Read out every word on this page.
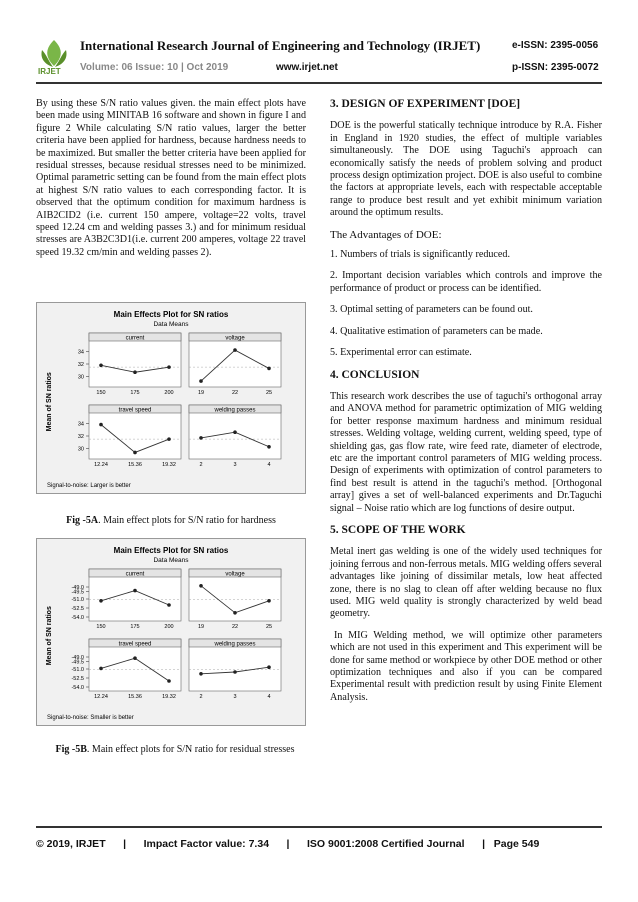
IRJET
International Research Journal of Engineering and Technology (IRJET)	e-ISSN: 2395-0056
Volume: 06 Issue: 10 | Oct 2019	www.irjet.net	p-ISSN: 2395-0072

By using these S/N ratio values given. the main effect plots have been made using MINITAB 16 software and shown in figure I and figure 2 While calculating S/N ratio values, larger the better criteria have been applied for hardness, because hardness needs to be maximized. But smaller the better criteria have been applied for residual stresses, because residual stresses need to be minimized. Optimal parametric setting can be found from the main effect plots at highest S/N ratio values to each corresponding factor. It is observed that the optimum condition for maximum hardness is AIB2CID2 (i.e. current 150 ampere, voltage=22 volts, travel speed 12.24 cm and welding passes 3.) and for minimum residual stresses are A3B2C3D1(i.e. current 200 amperes, voltage 22 travel speed 19.32 cm/min and welding passes 2).

Main Effects Plot for SN ratios
Data Means
Mean of SN ratios
Signal-to-noise: Larger is better
current
34
32
30
150	175	200
voltage
19	22	25
travel speed
34
32
30
12.24	15.36	19.32
welding passes
2	3	4
Fig -5A. Main effect plots for S/N ratio for hardness
Main Effects Plot for SN ratios
Data Means
Mean of SN ratios
Signal-to-noise: Smaller is better
current
-49.0
-49.5
-51.0
-52.5
-54.0
150	175	200
voltage
19	22	25
travel speed
-49.0
-49.5
-51.0
-52.5
-54.0
12.24	15.36	19.32
welding passes
2	3	4
Fig -5B. Main effect plots for S/N ratio for residual stresses
3. DESIGN OF EXPERIMENT [DOE]

DOE is the powerful statically technique introduce by R.A. Fisher in England in 1920 studies, the effect of multiple variables simultaneously. The DOE using Taguchi's approach can economically satisfy the needs of problem solving and product process design optimization project. DOE is also useful to combine the factors at appropriate levels, each with respectable acceptable range to produce best result and yet exhibit minimum variation around the optimum results.

The Advantages of DOE:

1. Numbers of trials is significantly reduced.

2. Important decision variables which controls and improve the performance of product or process can be identified.

3. Optimal setting of parameters can be found out.

4. Qualitative estimation of parameters can be made.

5. Experimental error can estimate.

4. CONCLUSION

This research work describes the use of taguchi's orthogonal array and ANOVA method for parametric optimization of MIG welding for better response maximum hardness and minimum residual stresses. Welding voltage, welding current, welding speed, type of shielding gas, gas flow rate, wire feed rate, diameter of electrode, etc are the important control parameters of MIG welding process. Design of experiments with optimization of control parameters to find best result is attend in the taguchi's method. [Orthogonal array] gives a set of well-balanced experiments and Dr.Taguchi signal – Noise ratio which are log functions of desire output.

5. SCOPE OF THE WORK

Metal inert gas welding is one of the widely used techniques for joining ferrous and non-ferrous metals. MIG welding offers several advantages like joining of dissimilar metals, low heat affected zone, there is no slag to clean off after welding because no flux used. MIG weld quality is strongly characterized by weld bead geometry.

In MIG Welding method, we will optimize other parameters which are not used in this experiment and This experiment will be done for same method or workpiece by other DOE method or other optimization techniques and also if you can be compared Experimental result with prediction result by using Finite Element Analysis.

© 2019, IRJET      |      Impact Factor value: 7.34      |      ISO 9001:2008 Certified Journal      |   Page 549
